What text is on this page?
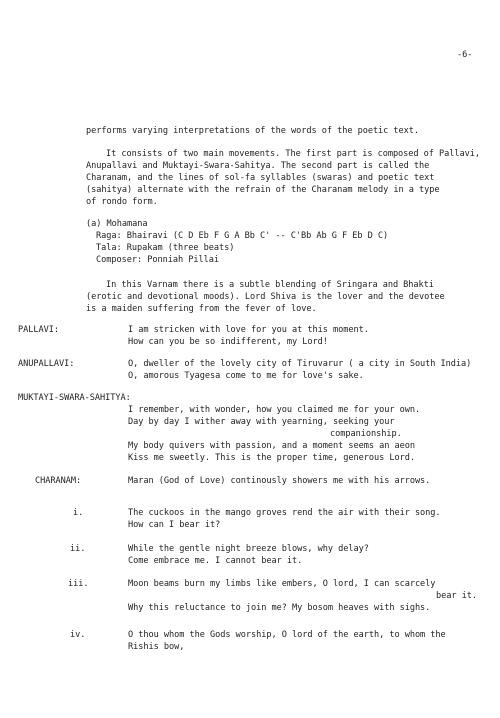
-6-
performs varying interpretations of the words of the poetic text.
It consists of two main movements. The first part is composed of Pallavi,
Anupallavi and Muktayi-Swara-Sahitya. The second part is called the
Charanam, and the lines of sol-fa syllables (swaras) and poetic text
(sahitya) alternate with the refrain of the Charanam melody in a type
of rondo form.
(a) Mohamana
Raga: Bhairavi (C D Eb F G A Bb C' -- C'Bb Ab G F Eb D C)
Tala: Rupakam (three beats)
Composer: Ponniah Pillai
In this Varnam there is a subtle blending of Sringara and Bhakti
(erotic and devotional moods). Lord Shiva is the lover and the devotee
is a maiden suffering from the fever of love.
PALLAVI:	I am stricken with love for you at this moment.
How can you be so indifferent, my Lord!
ANUPALLAVI:	O, dweller of the lovely city of Tiruvarur ( a city in South India)
O, amorous Tyagesa come to me for love's sake.
MUKTAYI-SWARA-SAHITYA:
I remember, with wonder, how you claimed me for your own.
Day by day I wither away with yearning, seeking your
companionship.
My body quivers with passion, and a moment seems an aeon
Kiss me sweetly. This is the proper time, generous Lord.
CHARANAM:	Maran (God of Love) continously showers me with his arrows.
i.	The cuckoos in the mango groves rend the air with their song.
How can I bear it?
ii.	While the gentle night breeze blows, why delay?
Come embrace me. I cannot bear it.
iii.	Moon beams burn my limbs like embers, O lord, I can scarcely
bear it.
Why this reluctance to join me? My bosom heaves with sighs.
iv.	O thou whom the Gods worship, O lord of the earth, to whom the
Rishis bow,
